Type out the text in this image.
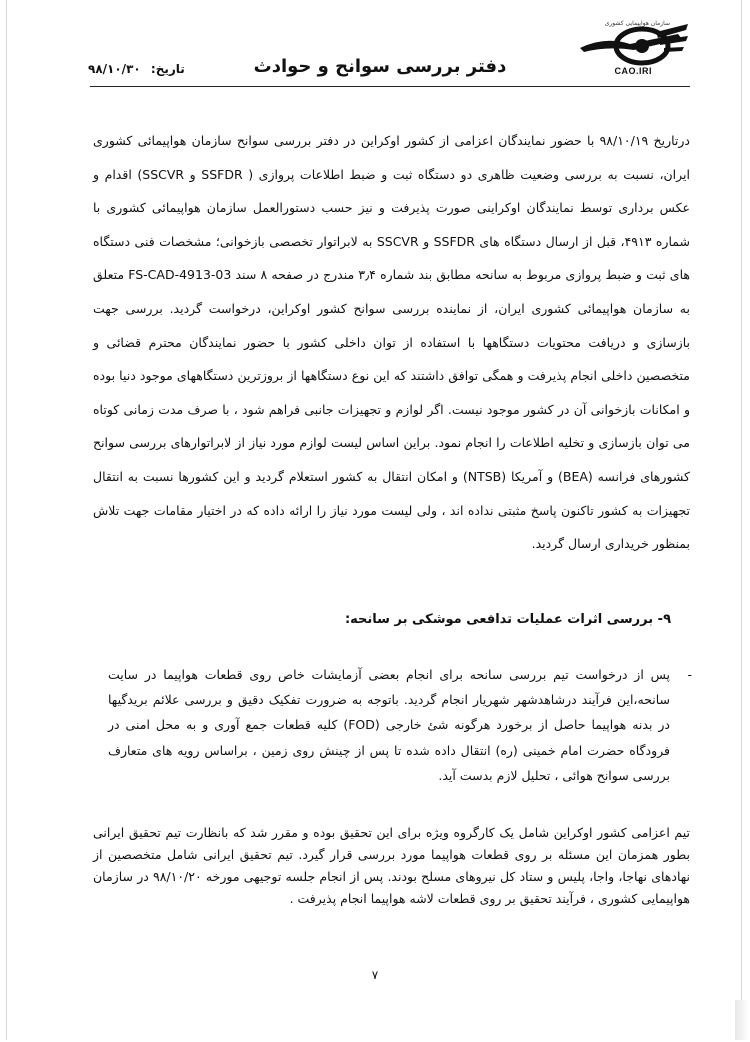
سازمان هواپیمایی کشوری
CAO.IRI
دفتر بررسی سوانح و حوادث
تاریخ: ۹۸/۱۰/۳۰
درتاریخ ۹۸/۱۰/۱۹ با حضور نمایندگان اعزامی از کشور اوکراین در دفتر بررسی سوانح سازمان هواپیمائی کشوری ایران، نسبت به بررسی وضعیت ظاهری دو دستگاه ثبت و ضبط اطلاعات پروازی ( SSFDR و SSCVR) اقدام و عکس برداری توسط نمایندگان اوکراینی صورت پذیرفت و نیز حسب دستورالعمل سازمان هواپیمائی کشوری با شماره ۴۹۱۳، قبل از ارسال دستگاه های SSFDR و SSCVR به لابراتوار تخصصی بازخوانی؛ مشخصات فنی دستگاه های ثبت و ضبط پروازی مربوط به سانحه مطابق بند شماره ۳٫۴ مندرج در صفحه ۸ سند FS-CAD-4913-03 متعلق به سازمان هواپیمائی کشوری ایران، از نماینده بررسی سوانح کشور اوکراین، درخواست گردید. بررسی جهت بازسازی و دریافت محتویات دستگاهها با استفاده از توان داخلی کشور با حضور نمایندگان محترم قضائی و متخصصین داخلی انجام پذیرفت و همگی توافق داشتند که این نوع دستگاهها از بروزترین دستگاههای موجود دنیا بوده و امکانات بازخوانی آن در کشور موجود نیست. اگر لوازم و تجهیزات جانبی فراهم شود ، با صرف مدت زمانی کوتاه می توان بازسازی و تخلیه اطلاعات را انجام نمود. براین اساس لیست لوازم مورد نیاز از لابراتوارهای بررسی سوانح کشورهای فرانسه (BEA) و آمریکا (NTSB) و امکان انتقال به کشور استعلام گردید و این کشورها نسبت به انتقال تجهیزات به کشور تاکنون پاسخ مثبتی نداده اند ، ولی لیست مورد نیاز را ارائه داده که در اختیار مقامات جهت تلاش بمنظور خریداری ارسال گردید.
۹- بررسی اثرات عملیات تدافعی موشکی بر سانحه:
-
پس از درخواست تیم بررسی سانحه برای انجام بعضی آزمایشات خاص روی قطعات هواپیما در سایت سانحه،این فرآیند درشاهدشهر شهریار انجام گردید. باتوجه به ضرورت تفکیک دقیق و بررسی علائم بریدگیها در بدنه هواپیما حاصل از برخورد هرگونه شئ خارجی (FOD) کلیه قطعات جمع آوری و به محل امنی در فرودگاه حضرت امام خمینی (ره) انتقال داده شده تا پس از چینش روی زمین ، براساس رویه های متعارف بررسی سوانح هوائی ، تحلیل لازم بدست آید.
تیم اعزامی کشور اوکراین شامل یک کارگروه ویژه برای این تحقیق بوده و مقرر شد که بانظارت تیم تحقیق ایرانی بطور همزمان این مسئله بر روی قطعات هواپیما مورد بررسی قرار گیرد. تیم تحقیق ایرانی شامل متخصصین از نهادهای نهاجا، واجا، پلیس و ستاد کل نیروهای مسلح بودند. پس از انجام جلسه توجیهی مورخه ۹۸/۱۰/۲۰ در سازمان هواپیمایی کشوری ، فرآیند تحقیق بر روی قطعات لاشه هواپیما انجام پذیرفت .
۷
